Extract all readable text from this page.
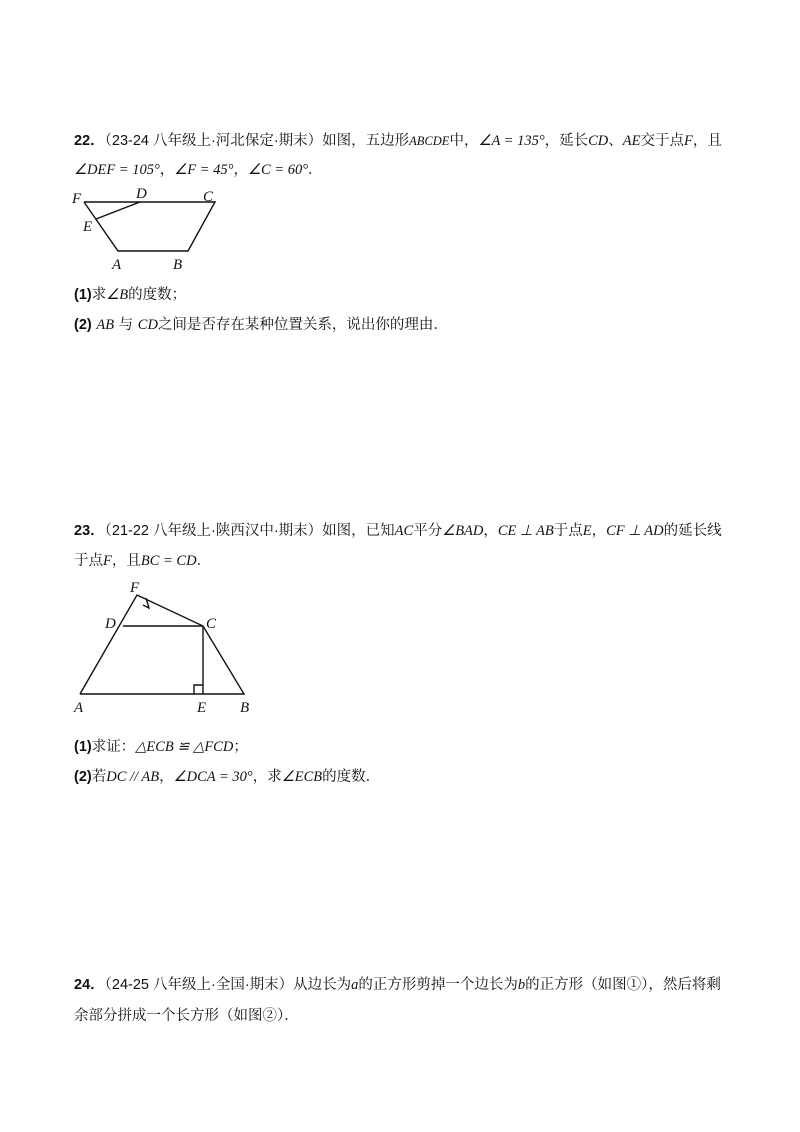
22．（23-24 八年级上·河北保定·期末）如图，五边形ABCDE中，∠A = 135°，延长CD、AE交于点F，且
∠DEF = 105°，∠F = 45°，∠C = 60°．
F	D	C
E
A	B
(1)求∠B的度数；
(2) AB 与 CD之间是否存在某种位置关系，说出你的理由．
23．（21-22 八年级上·陕西汉中·期末）如图，已知AC平分∠BAD，CE ⊥ AB于点E，CF ⊥ AD的延长线
于点F，且BC = CD．
F
D	C
A	E B
(1)求证：△ECB ≌ △FCD；
(2)若DC // AB，∠DCA = 30°，求∠ECB的度数．
24．（24-25 八年级上·全国·期末）从边长为a的正方形剪掉一个边长为b的正方形（如图①），然后将剩
余部分拼成一个长方形（如图②）．
